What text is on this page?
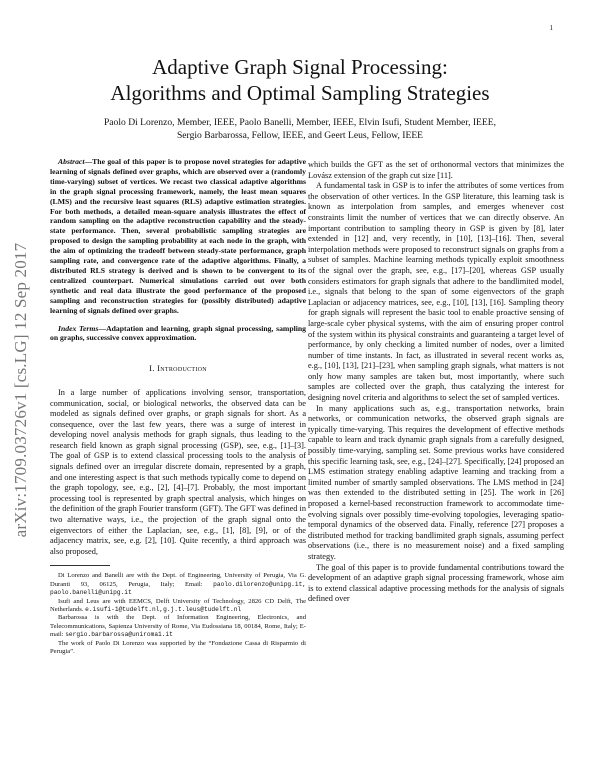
1
arXiv:1709.03726v1 [cs.LG] 12 Sep 2017
Adaptive Graph Signal Processing:
Algorithms and Optimal Sampling Strategies
Paolo Di Lorenzo, Member, IEEE, Paolo Banelli, Member, IEEE, Elvin Isufi, Student Member, IEEE,
Sergio Barbarossa, Fellow, IEEE, and Geert Leus, Fellow, IEEE

Abstract—The goal of this paper is to propose novel strategies for adaptive learning of signals defined over graphs, which are observed over a (randomly time-varying) subset of vertices. We recast two classical adaptive algorithms in the graph signal processing framework, namely, the least mean squares (LMS) and the recursive least squares (RLS) adaptive estimation strategies. For both methods, a detailed mean-square analysis illustrates the effect of random sampling on the adaptive reconstruction capability and the steady-state performance. Then, several probabilistic sampling strategies are proposed to design the sampling probability at each node in the graph, with the aim of optimizing the tradeoff between steady-state performance, graph sampling rate, and convergence rate of the adaptive algorithms. Finally, a distributed RLS strategy is derived and is shown to be convergent to its centralized counterpart. Numerical simulations carried out over both synthetic and real data illustrate the good performance of the proposed sampling and reconstruction strategies for (possibly distributed) adaptive learning of signals defined over graphs.

Index Terms—Adaptation and learning, graph signal processing, sampling on graphs, successive convex approximation.

I. Introduction

In a large number of applications involving sensor, transportation, communication, social, or biological networks, the observed data can be modeled as signals defined over graphs, or graph signals for short. As a consequence, over the last few years, there was a surge of interest in developing novel analysis methods for graph signals, thus leading to the research field known as graph signal processing (GSP), see, e.g., [1]–[3]. The goal of GSP is to extend classical processing tools to the analysis of signals defined over an irregular discrete domain, represented by a graph, and one interesting aspect is that such methods typically come to depend on the graph topology, see, e.g., [2], [4]–[7]. Probably, the most important processing tool is represented by graph spectral analysis, which hinges on the definition of the graph Fourier transform (GFT). The GFT was defined in two alternative ways, i.e., the projection of the graph signal onto the eigenvectors of either the Laplacian, see, e.g., [1], [8], [9], or of the adjacency matrix, see, e.g. [2], [10]. Quite recently, a third approach was also proposed,

Di Lorenzo and Banelli are with the Dept. of Engineering, University of Perugia, Via G. Duranti 93, 06125, Perugia, Italy; Email: paolo.dilorenzo@unipg.it, paolo.banelli@unipg.it

Isufi and Leus are with EEMCS, Delft University of Technology, 2826 CD Delft, The Netherlands. e.isufi-1@tudelft.nl,g.j.t.leus@tudelft.nl

Barbarossa is with the Dept. of Information Engineering, Electronics, and Telecommunications, Sapienza University of Rome, Via Eudossiana 18, 00184, Rome, Italy; E-mail: sergio.barbarossa@uniroma1.it

The work of Paolo Di Lorenzo was supported by the “Fondazione Cassa di Risparmio di Perugia”.

which builds the GFT as the set of orthonormal vectors that minimizes the Lovász extension of the graph cut size [11].

A fundamental task in GSP is to infer the attributes of some vertices from the observation of other vertices. In the GSP literature, this learning task is known as interpolation from samples, and emerges whenever cost constraints limit the number of vertices that we can directly observe. An important contribution to sampling theory in GSP is given by [8], later extended in [12] and, very recently, in [10], [13]–[16]. Then, several interpolation methods were proposed to reconstruct signals on graphs from a subset of samples. Machine learning methods typically exploit smoothness of the signal over the graph, see, e.g., [17]–[20], whereas GSP usually considers estimators for graph signals that adhere to the bandlimited model, i.e., signals that belong to the span of some eigenvectors of the graph Laplacian or adjacency matrices, see, e.g., [10], [13], [16]. Sampling theory for graph signals will represent the basic tool to enable proactive sensing of large-scale cyber physical systems, with the aim of ensuring proper control of the system within its physical constraints and guaranteing a target level of performance, by only checking a limited number of nodes, over a limited number of time instants. In fact, as illustrated in several recent works as, e.g., [10], [13], [21]–[23], when sampling graph signals, what matters is not only how many samples are taken but, most importantly, where such samples are collected over the graph, thus catalyzing the interest for designing novel criteria and algorithms to select the set of sampled vertices.

In many applications such as, e.g., transportation networks, brain networks, or communication networks, the observed graph signals are typically time-varying. This requires the development of effective methods capable to learn and track dynamic graph signals from a carefully designed, possibly time-varying, sampling set. Some previous works have considered this specific learning task, see, e.g., [24]–[27]. Specifically, [24] proposed an LMS estimation strategy enabling adaptive learning and tracking from a limited number of smartly sampled observations. The LMS method in [24] was then extended to the distributed setting in [25]. The work in [26] proposed a kernel-based reconstruction framework to accommodate time-evolving signals over possibly time-evolving topologies, leveraging spatio-temporal dynamics of the observed data. Finally, reference [27] proposes a distributed method for tracking bandlimited graph signals, assuming perfect observations (i.e., there is no measurement noise) and a fixed sampling strategy.

The goal of this paper is to provide fundamental contributions toward the development of an adaptive graph signal processing framework, whose aim is to extend classical adaptive processing methods for the analysis of signals defined over
